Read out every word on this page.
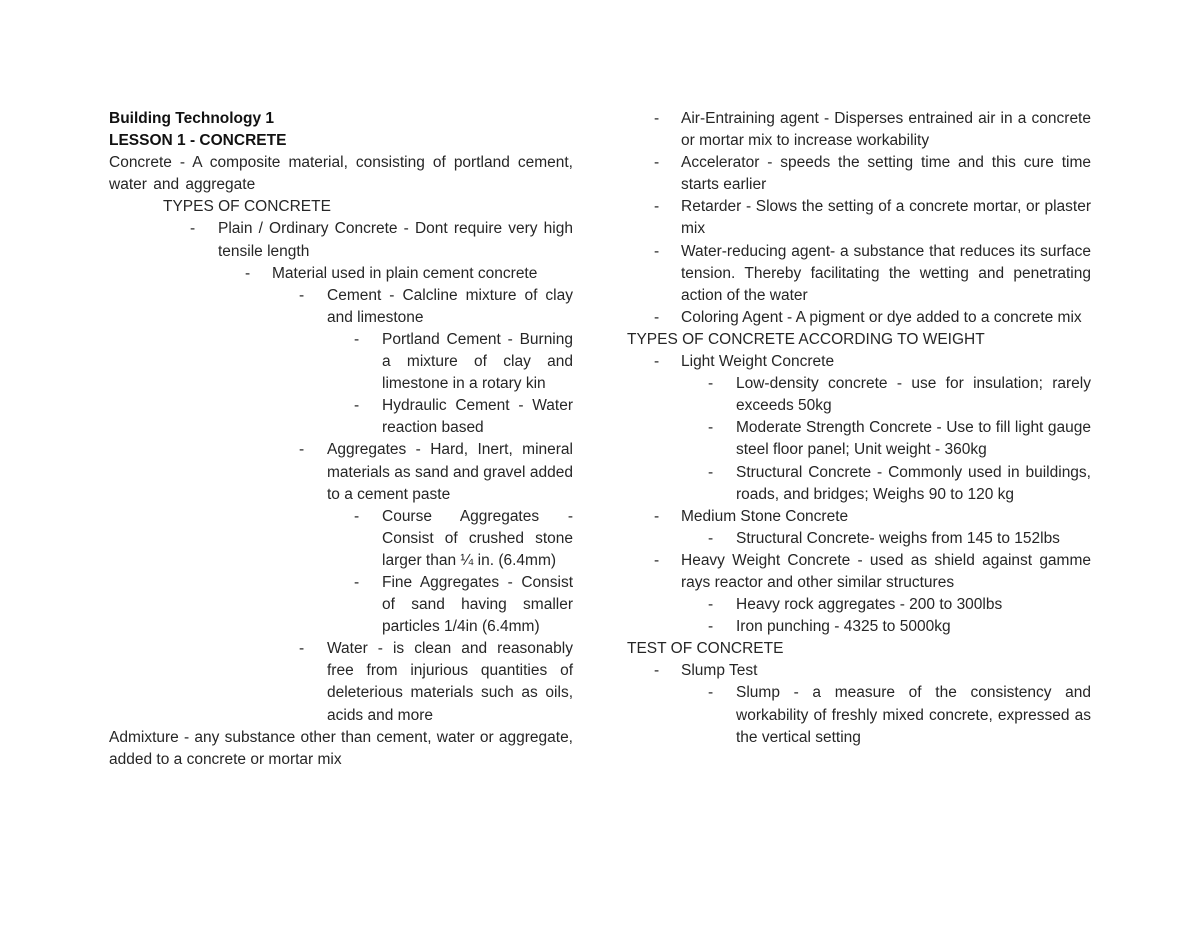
Building Technology 1
LESSON 1 - CONCRETE
Concrete - A composite material, consisting of portland cement, water and aggregate
TYPES OF CONCRETE
- Plain / Ordinary Concrete - Dont require very high tensile length
- Material used in plain cement concrete
- Cement - Calcline mixture of clay and limestone
- Portland Cement - Burning a mixture of clay and limestone in a rotary kin
- Hydraulic Cement - Water reaction based
- Aggregates - Hard, Inert, mineral materials as sand and gravel added to a cement paste
- Course Aggregates - Consist of crushed stone larger than ¼ in. (6.4mm)
- Fine Aggregates - Consist of sand having smaller particles 1/4in (6.4mm)
- Water - is clean and reasonably free from injurious quantities of deleterious materials such as oils, acids and more
Admixture - any substance other than cement, water or aggregate, added to a concrete or mortar mix
- Air-Entraining agent - Disperses entrained air in a concrete or mortar mix to increase workability
- Accelerator - speeds the setting time and this cure time starts earlier
- Retarder - Slows the setting of a concrete mortar, or plaster mix
- Water-reducing agent- a substance that reduces its surface tension. Thereby facilitating the wetting and penetrating action of the water
- Coloring Agent - A pigment or dye added to a concrete mix
TYPES OF CONCRETE ACCORDING TO WEIGHT
- Light Weight Concrete
- Low-density concrete - use for insulation; rarely exceeds 50kg
- Moderate Strength Concrete - Use to fill light gauge steel floor panel; Unit weight - 360kg
- Structural Concrete - Commonly used in buildings, roads, and bridges; Weighs 90 to 120 kg
- Medium Stone Concrete
- Structural Concrete- weighs from 145 to 152lbs
- Heavy Weight Concrete - used as shield against gamme rays reactor and other similar structures
- Heavy rock aggregates - 200 to 300lbs
- Iron punching - 4325 to 5000kg
TEST OF CONCRETE
- Slump Test
- Slump - a measure of the consistency and workability of freshly mixed concrete, expressed as the vertical setting
